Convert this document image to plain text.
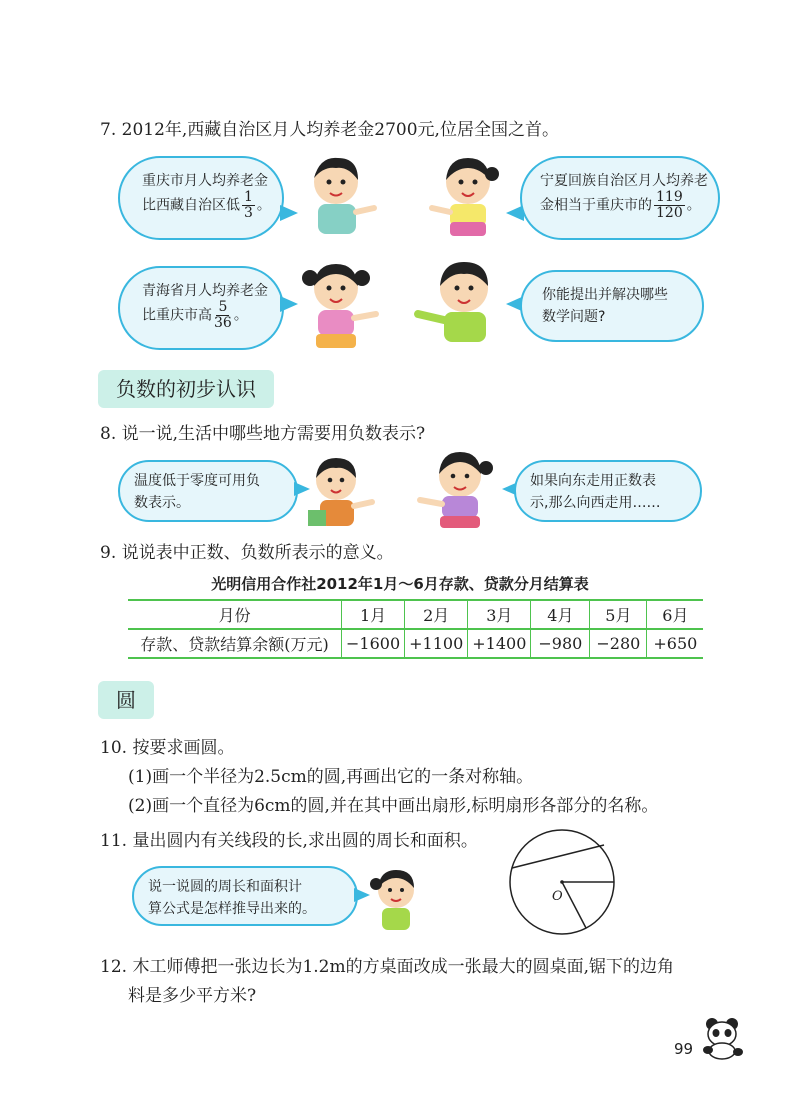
7. 2012年,西藏自治区月人均养老金2700元,位居全国之首。
重庆市月人均养老金
比西藏自治区低 $\frac{1}{3}$ 。
宁夏回族自治区月人均养老
金相当于重庆市的 $\frac{119}{120}$ 。
青海省月人均养老金
比重庆市高 $\frac{5}{36}$ 。
你能提出并解决哪些
数学问题?
负数的初步认识
8. 说一说,生活中哪些地方需要用负数表示?
温度低于零度可用负
数表示。
如果向东走用正数表
示,那么向西走用……
9. 说说表中正数、负数所表示的意义。
光明信用合作社2012年1月～6月存款、贷款分月结算表
月份	1月	2月	3月	4月	5月	6月
存款、贷款结算余额(万元)	−1600	+1100	+1400	−980	−280	+650
圆
10. 按要求画圆。
(1)画一个半径为2.5cm的圆,再画出它的一条对称轴。
(2)画一个直径为6cm的圆,并在其中画出扇形,标明扇形各部分的名称。
11. 量出圆内有关线段的长,求出圆的周长和面积。
说一说圆的周长和面积计
算公式是怎样推导出来的。
O
12. 木工师傅把一张边长为1.2m的方桌面改成一张最大的圆桌面,锯下的边角
料是多少平方米?
99
